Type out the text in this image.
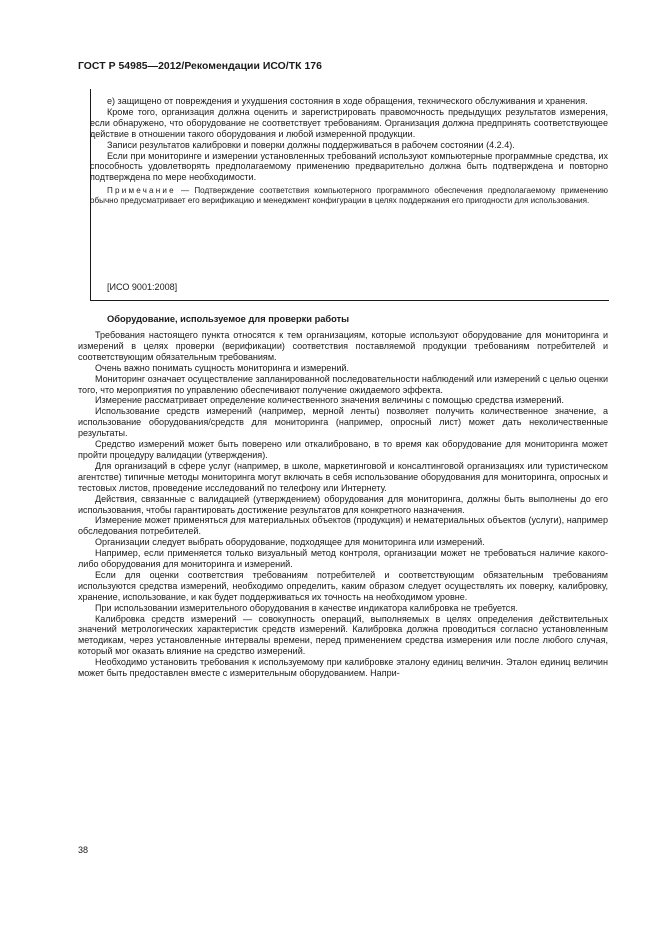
ГОСТ Р 54985—2012/Рекомендации ИСО/ТК 176

е) защищено от повреждения и ухудшения состояния в ходе обращения, технического обслуживания и хранения.

Кроме того, организация должна оценить и зарегистрировать правомочность предыдущих результатов измерения, если обнаружено, что оборудование не соответствует требованиям. Организация должна предпринять соответствующее действие в отношении такого оборудования и любой измеренной продукции.

Записи результатов калибровки и поверки должны поддерживаться в рабочем состоянии (4.2.4).

Если при мониторинге и измерении установленных требований используют компьютерные программные средства, их способность удовлетворять предполагаемому применению предварительно должна быть подтверждена и повторно подтверждена по мере необходимости.

Примечание — Подтверждение соответствия компьютерного программного обеспечения предполагаемому применению обычно предусматривает его верификацию и менеджмент конфигурации в целях поддержания его пригодности для использования.

[ИСО 9001:2008]
Оборудование, используемое для проверки работы

Требования настоящего пункта относятся к тем организациям, которые используют оборудование для мониторинга и измерений в целях проверки (верификации) соответствия поставляемой продукции требованиям потребителей и соответствующим обязательным требованиям.

Очень важно понимать сущность мониторинга и измерений.

Мониторинг означает осуществление запланированной последовательности наблюдений или измерений с целью оценки того, что мероприятия по управлению обеспечивают получение ожидаемого эффекта.

Измерение рассматривает определение количественного значения величины с помощью средства измерений.

Использование средств измерений (например, мерной ленты) позволяет получить количественное значение, а использование оборудования/средств для мониторинга (например, опросный лист) может дать неколичественные результаты.

Средство измерений может быть поверено или откалибровано, в то время как оборудование для мониторинга может пройти процедуру валидации (утверждения).

Для организаций в сфере услуг (например, в школе, маркетинговой и консалтинговой организациях или туристическом агентстве) типичные методы мониторинга могут включать в себя использование оборудования для мониторинга, опросных и тестовых листов, проведение исследований по телефону или Интернету.

Действия, связанные с валидацией (утверждением) оборудования для мониторинга, должны быть выполнены до его использования, чтобы гарантировать достижение результатов для конкретного назначения.

Измерение может применяться для материальных объектов (продукция) и нематериальных объектов (услуги), например обследования потребителей.

Организации следует выбрать оборудование, подходящее для мониторинга или измерений.

Например, если применяется только визуальный метод контроля, организации может не требоваться наличие какого-либо оборудования для мониторинга и измерений.

Если для оценки соответствия требованиям потребителей и соответствующим обязательным требованиям используются средства измерений, необходимо определить, каким образом следует осуществлять их поверку, калибровку, хранение, использование, и как будет поддерживаться их точность на необходимом уровне.

При использовании измерительного оборудования в качестве индикатора калибровка не требуется.

Калибровка средств измерений — совокупность операций, выполняемых в целях определения действительных значений метрологических характеристик средств измерений. Калибровка должна проводиться согласно установленным методикам, через установленные интервалы времени, перед применением средства измерения или после любого случая, который мог оказать влияние на средство измерений.

Необходимо установить требования к используемому при калибровке эталону единиц величин. Эталон единиц величин может быть предоставлен вместе с измерительным оборудованием. Напри-

38
